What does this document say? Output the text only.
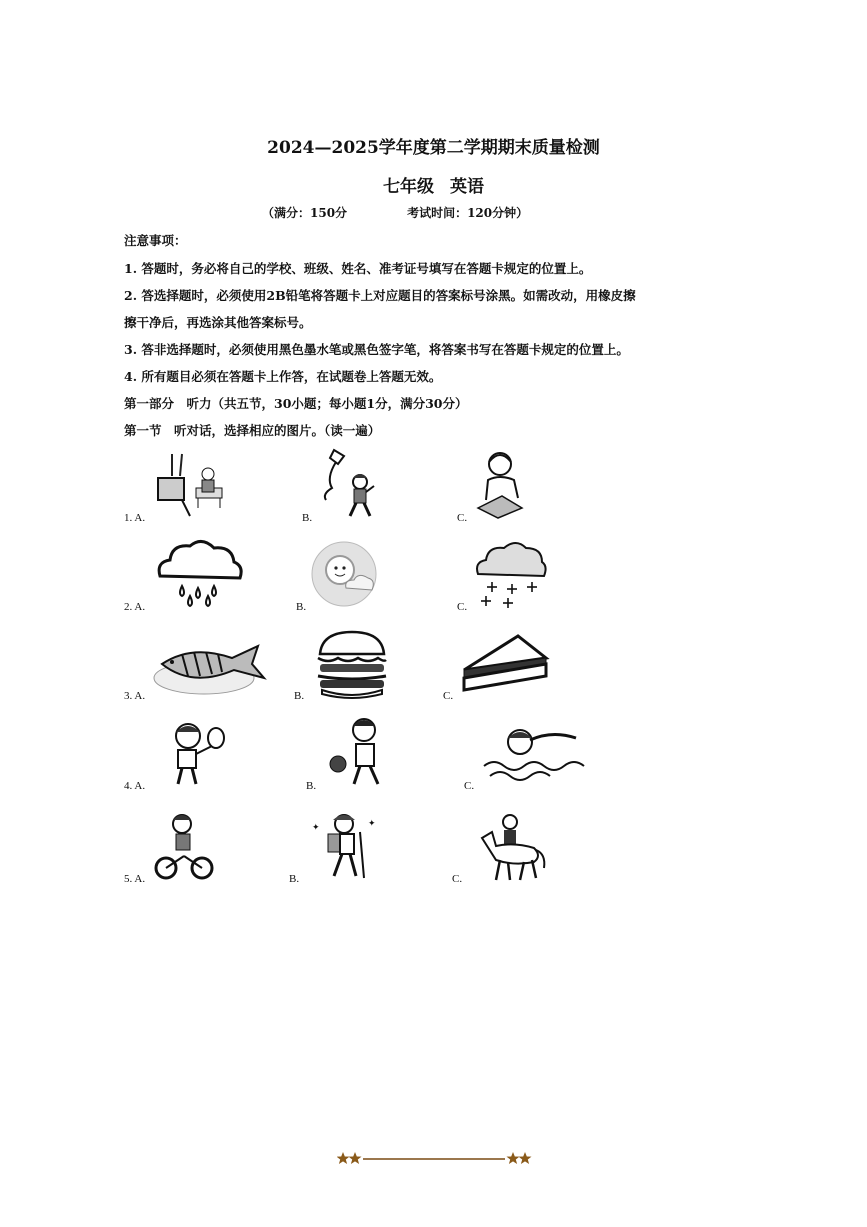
2024—2025学年度第二学期期末质量检测
七年级 英语
（满分：150分	考试时间：120分钟）
注意事项：
1. 答题时，务必将自己的学校、班级、姓名、准考证号填写在答题卡规定的位置上。
2. 答选择题时，必须使用2B铅笔将答题卡上对应题目的答案标号涂黑。如需改动，用橡皮擦
擦干净后，再选涂其他答案标号。
3. 答非选择题时，必须使用黑色墨水笔或黑色签字笔，将答案书写在答题卡规定的位置上。
4. 所有题目必须在答题卡上作答，在试题卷上答题无效。
第一部分　听力（共五节，30小题；每小题1分，满分30分）
第一节　听对话，选择相应的图片。（读一遍）
1. A.	B.	C.
2. A.	B.	C.
3. A.	B.	C.
4. A.	B.	C.
5. A.	B.	C.
✦	✦
